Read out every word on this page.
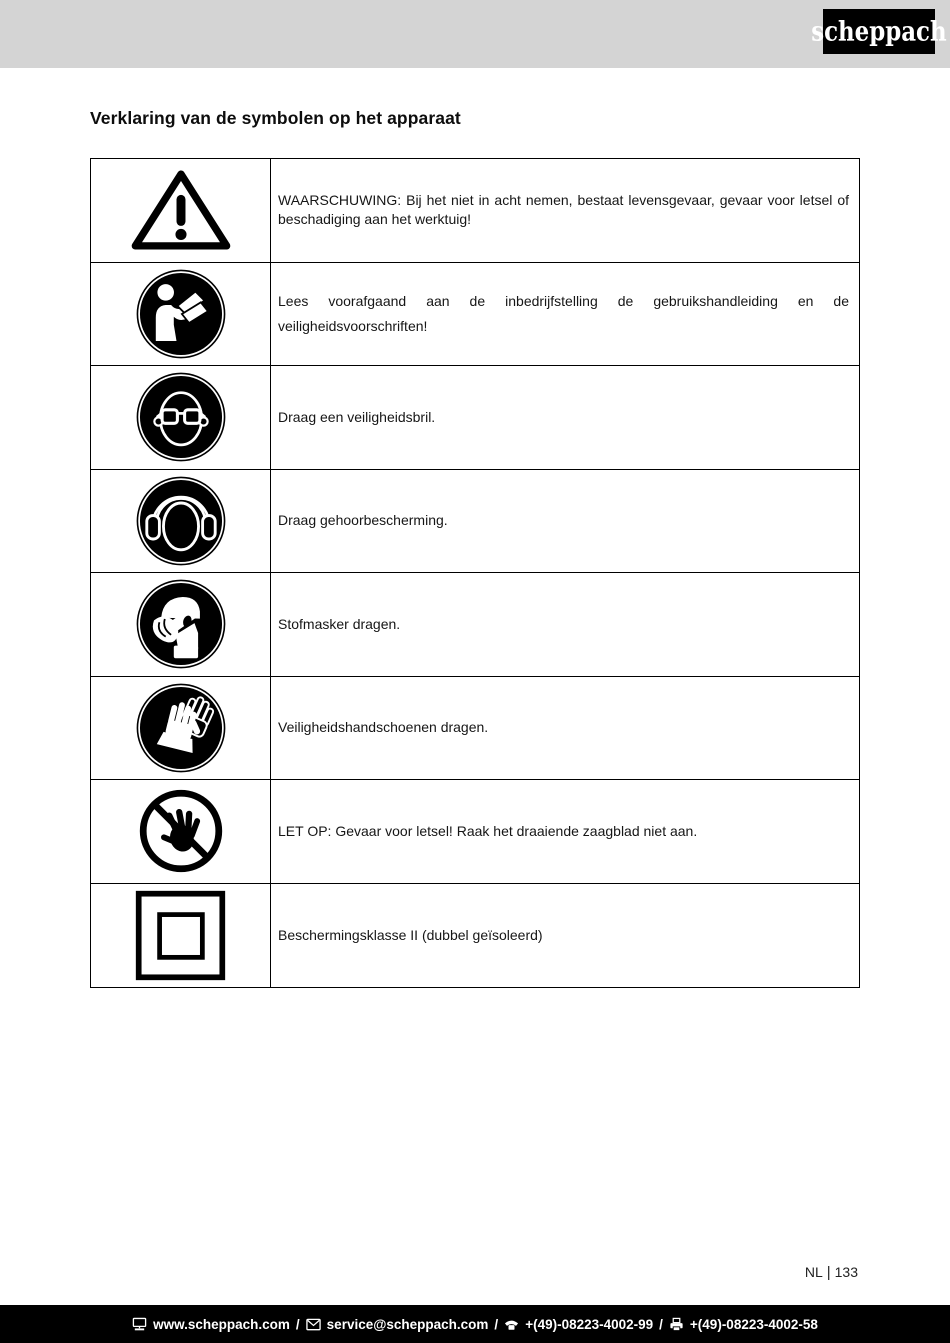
scheppach
Verklaring van de symbolen op het apparaat
WAARSCHUWING: Bij het niet in acht nemen, bestaat levensgevaar, gevaar voor letsel of beschadiging aan het werktuig!
Lees voorafgaand aan de inbedrijfstelling de gebruikshandleiding en de veiligheidsvoorschriften!
Draag een veiligheidsbril.
Draag gehoorbescherming.
Stofmasker dragen.
Veiligheidshandschoenen dragen.
LET OP: Gevaar voor letsel! Raak het draaiende zaagblad niet aan.
Beschermingsklasse II (dubbel geïsoleerd)
NL | 133
www.scheppach.com / service@scheppach.com / +(49)-08223-4002-99 / +(49)-08223-4002-58
